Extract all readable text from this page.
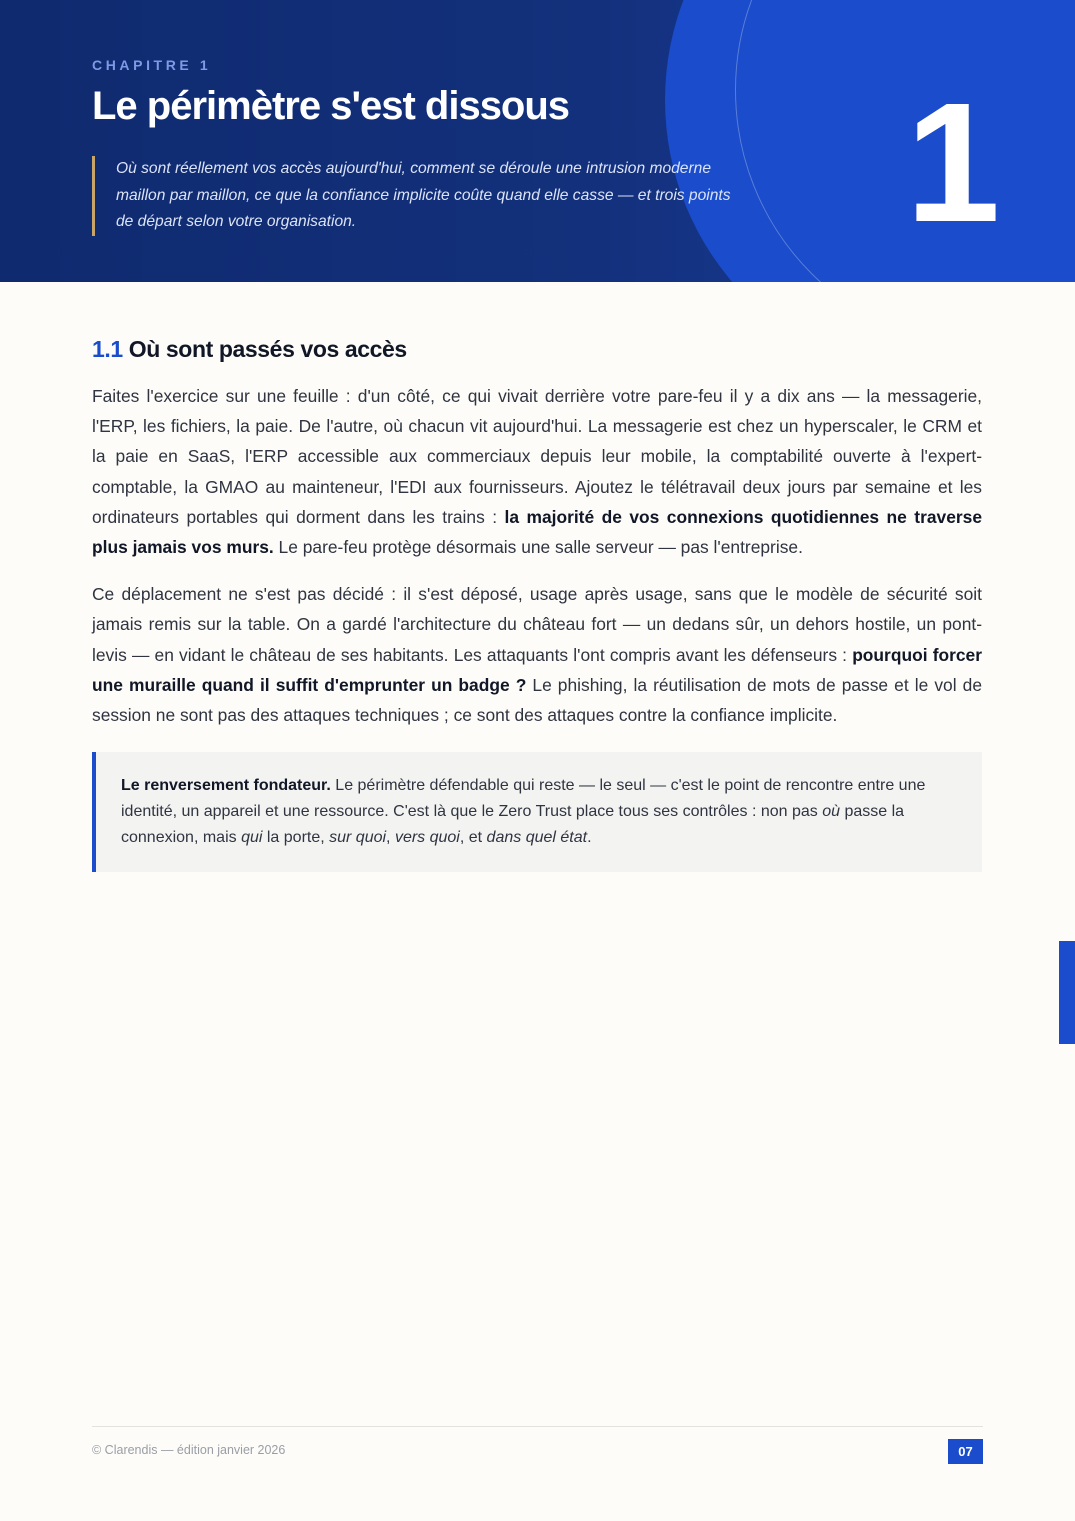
CHAPITRE 1
Le périmètre s'est dissous
Où sont réellement vos accès aujourd'hui, comment se déroule une intrusion moderne maillon par maillon, ce que la confiance implicite coûte quand elle casse — et trois points de départ selon votre organisation.	1
1.1 Où sont passés vos accès

Faites l'exercice sur une feuille : d'un côté, ce qui vivait derrière votre pare-feu il y a dix ans — la messagerie, l'ERP, les fichiers, la paie. De l'autre, où chacun vit aujourd'hui. La messagerie est chez un hyperscaler, le CRM et la paie en SaaS, l'ERP accessible aux commerciaux depuis leur mobile, la comptabilité ouverte à l'expert-comptable, la GMAO au mainteneur, l'EDI aux fournisseurs. Ajoutez le télétravail deux jours par semaine et les ordinateurs portables qui dorment dans les trains : la majorité de vos connexions quotidiennes ne traverse plus jamais vos murs. Le pare-feu protège désormais une salle serveur — pas l'entreprise.

Ce déplacement ne s'est pas décidé : il s'est déposé, usage après usage, sans que le modèle de sécurité soit jamais remis sur la table. On a gardé l'architecture du château fort — un dedans sûr, un dehors hostile, un pont-levis — en vidant le château de ses habitants. Les attaquants l'ont compris avant les défenseurs : pourquoi forcer une muraille quand il suffit d'emprunter un badge ? Le phishing, la réutilisation de mots de passe et le vol de session ne sont pas des attaques techniques ; ce sont des attaques contre la confiance implicite.

Le renversement fondateur. Le périmètre défendable qui reste — le seul — c'est le point de rencontre entre une identité, un appareil et une ressource. C'est là que le Zero Trust place tous ses contrôles : non pas où passe la connexion, mais qui la porte, sur quoi, vers quoi, et dans quel état.
© Clarendis — édition janvier 2026	07
